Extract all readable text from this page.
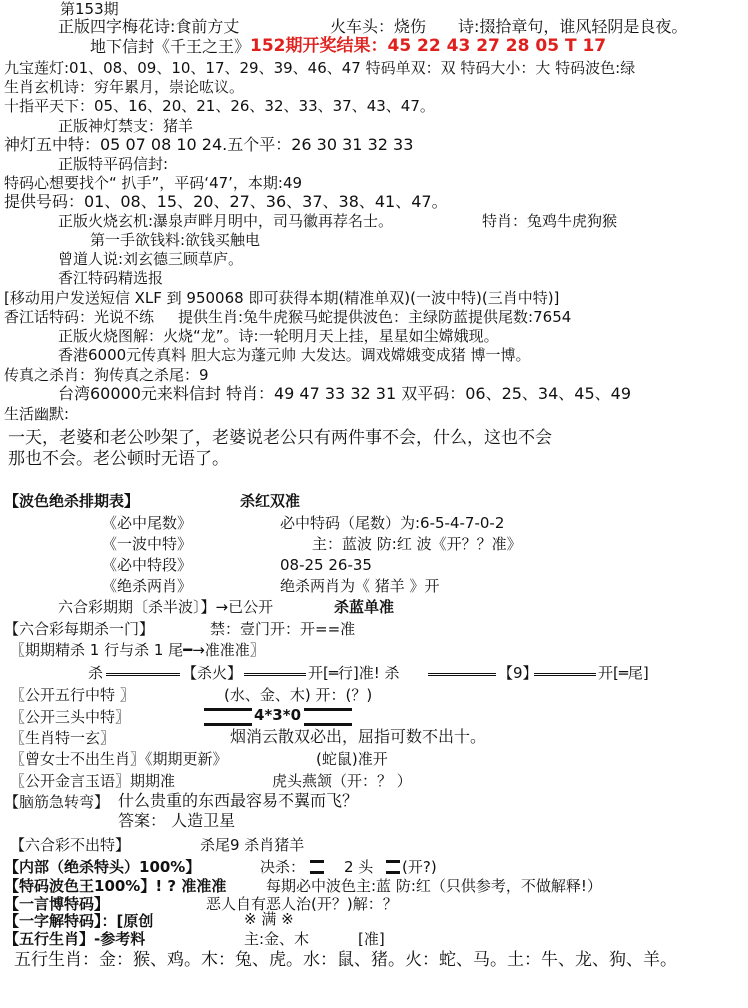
第153期
正版四字梅花诗:食前方丈	火车头：烧伤 诗:掇拾章句，谁风轻阴是良夜。
地下信封《千王之王》 152期开奖结果：45 22 43 27 28 05 T 17
九宝莲灯:01、08、09、10、17、29、39、46、47 特码单双：双 特码大小：大 特码波色:绿
生肖玄机诗：穷年累月，崇论吰议。
十指平天下：05、16、20、21、26、32、33、37、43、47。
正版神灯禁支：猪羊
神灯五中特：05 07 08 10 24.五个平：26 30 31 32 33
正版特平码信封:
特码心想要找个“ 扒手”，平码‘47’，本期:49
提供号码：01、08、15、20、27、36、37、38、41、47。
正版火烧玄机:瀑泉声畔月明中，司马徽再荐名士。	特肖：兔鸡牛虎狗猴
第一手欲钱料:欲钱买触电
曾道人说:刘玄德三顾草庐。
香江特码精选报
[移动用户发送短信 XLF 到 950068 即可获得本期(精准单双)(一波中特)(三肖中特)]
香江话特码：光说不练 提供生肖:兔牛虎猴马蛇提供波色：主绿防蓝提供尾数:7654
正版火烧图解：火烧“龙”。诗:一轮明月天上挂，星星如尘嫦娥现。
香港6000元传真料 胆大忘为蓬元帅 大发达。调戏嫦娥变成猪 博一博。
传真之杀肖：狗传真之杀尾：9
台湾60000元来料信封 特肖：49 47 33 32 31 双平码：06、25、34、45、49
生活幽默:
一天，老婆和老公吵架了，老婆说老公只有两件事不会，什么，这也不会
那也不会。老公顿时无语了。
【波色绝杀排期表】	杀红双准
《必中尾数》	必中特码（尾数）为:6-5-4-7-0-2
《一波中特》	主：蓝波 防:红 波《开？？准》
《必中特段》	08-25 26-35
《绝杀两肖》	绝杀两肖为《 猪羊 》开
六合彩期期〔杀半波〕】→已公开	杀蓝单准
【六合彩每期杀一门】	禁：壹门开：开==准
〖期期精杀 1 行与杀 1 尾━→准准准〗
杀	【杀火】	开[═行]准! 杀	【9】	开[═尾]
〖公开五行中特 〗	(水、金、木) 开：(？)
〖公开三头中特〗	4*3*0
〖生肖特一玄〗	烟消云散双必出，屈指可数不出十。
〖曾女士不出生肖〗《期期更新》	(蛇鼠)准开
〖公开金言玉语〗期期准	虎头燕颔（开：？ ）
【脑筋急转弯】 什么贵重的东西最容易不翼而飞？
答案： 人造卫星
【六合彩不出特】	杀尾9 杀肖猪羊
【内部（绝杀特头）100%】	决杀：	2 头 (开?)
【特码波色王100%】! ? 准准准	每期必中波色主:蓝 防:红（只供参考，不做解释!）
【一言博特码】	恶人自有恶人治(开？)解：？
【一字解特码】：[原创	※ 满 ※
【五行生肖】-参考料	主:金、木	[准]
五行生肖：金：猴、鸡。木：兔、虎。水：鼠、猪。火：蛇、马。土：牛、龙、狗、羊。
